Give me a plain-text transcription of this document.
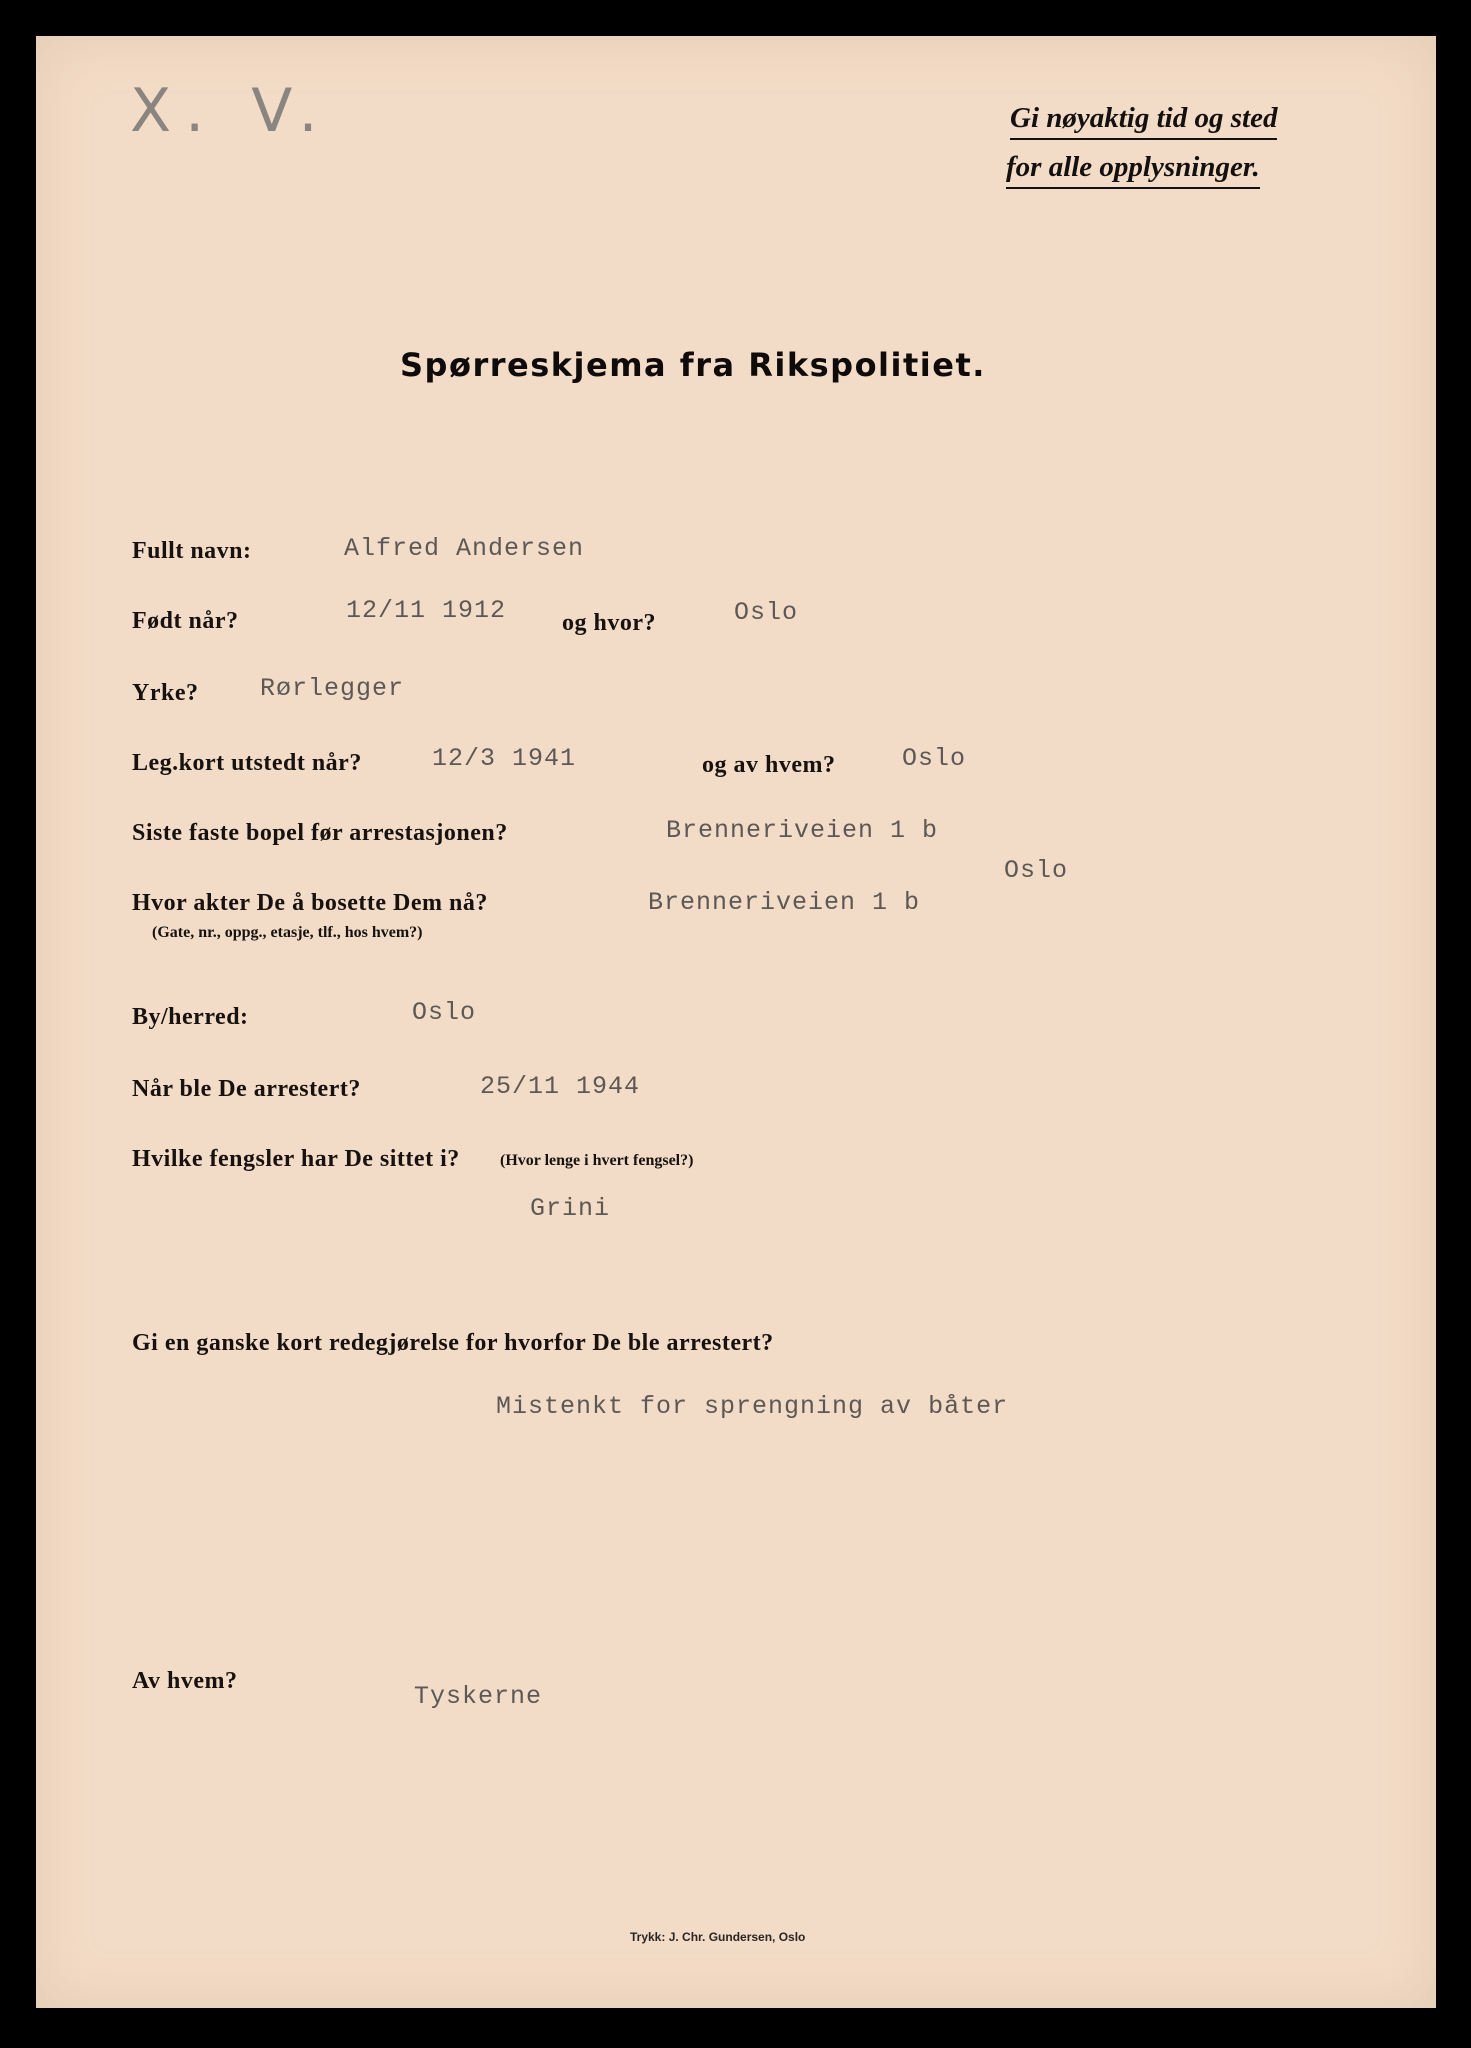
X. V.	Gi nøyaktig tid og sted
for alle opplysninger.
Spørreskjema fra Rikspolitiet.
Fullt navn:	Alfred Andersen
Født når?	12/11 1912 og hvor?	Oslo
Yrke? Rørlegger
Leg.kort utstedt når?	12/3 1941	og av hvem?	Oslo
Siste faste bopel før arrestasjonen?	Brenneriveien 1 b
Oslo
Hvor akter De å bosette Dem nå?
(Gate, nr., oppg., etasje, tlf., hos hvem?)
Brenneriveien 1 b
By/herred:	Oslo
Når ble De arrestert?	25/11 1944
Hvilke fengsler har De sittet i?	(Hvor lenge i hvert fengsel?)
Grini
Gi en ganske kort redegjørelse for hvorfor De ble arrestert?
Mistenkt for sprengning av båter
Av hvem?
Tyskerne
Trykk: J. Chr. Gundersen, Oslo
